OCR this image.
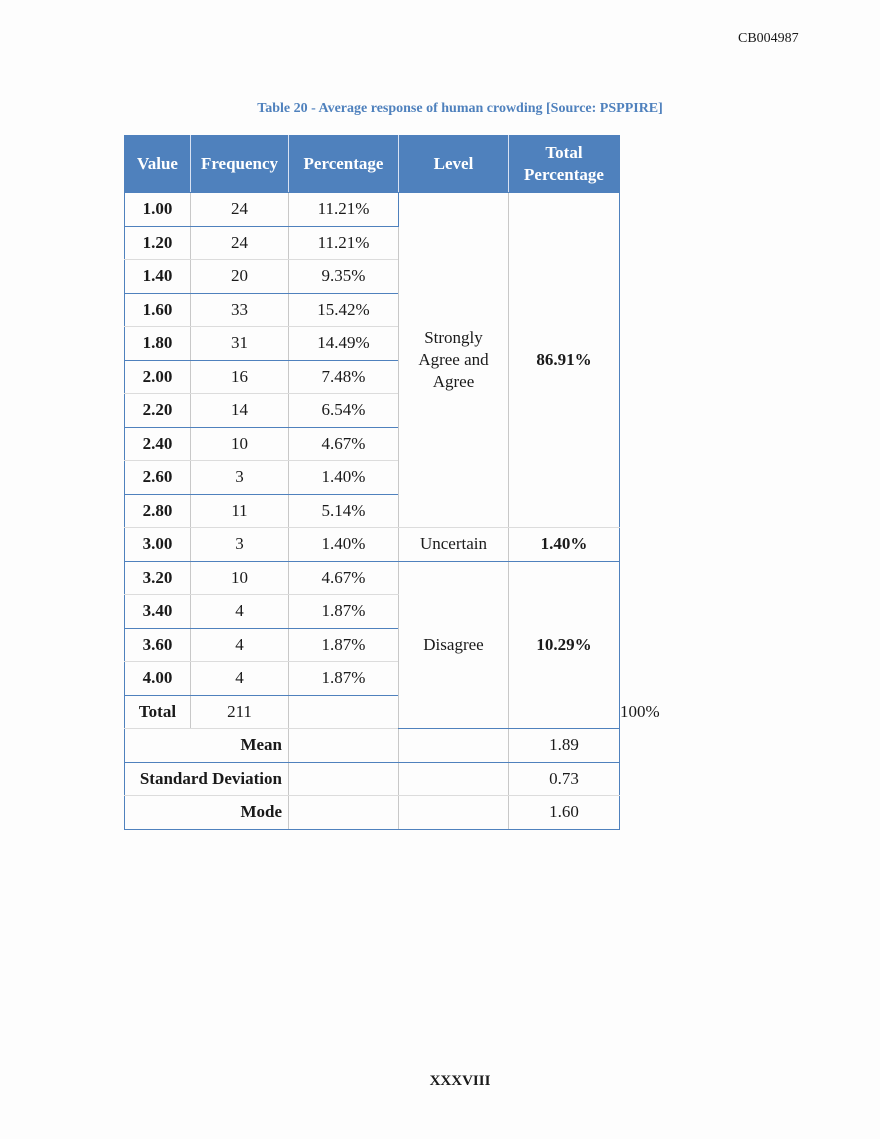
CB004987
Table 20 - Average response of human crowding [Source: PSPPIRE]
Value	Frequency	Percentage	Level	Total Percentage	
1.00	24	11.21%	Strongly Agree and Agree	86.91%	
1.20	24	11.21%			
1.40	20	9.35%			
1.60	33	15.42%			
1.80	31	14.49%			
2.00	16	7.48%			
2.20	14	6.54%			
2.40	10	4.67%			
2.60	3	1.40%			
2.80	11	5.14%			
3.00	3	1.40%	Uncertain	1.40%	
3.20	10	4.67%	Disagree	10.29%	
3.40	4	1.87%			
3.60	4	1.87%			
4.00	4	1.87%			
Total	211				100%
Mean				1.89	
Standard Deviation				0.73	
Mode				1.60	
XXXVIII
